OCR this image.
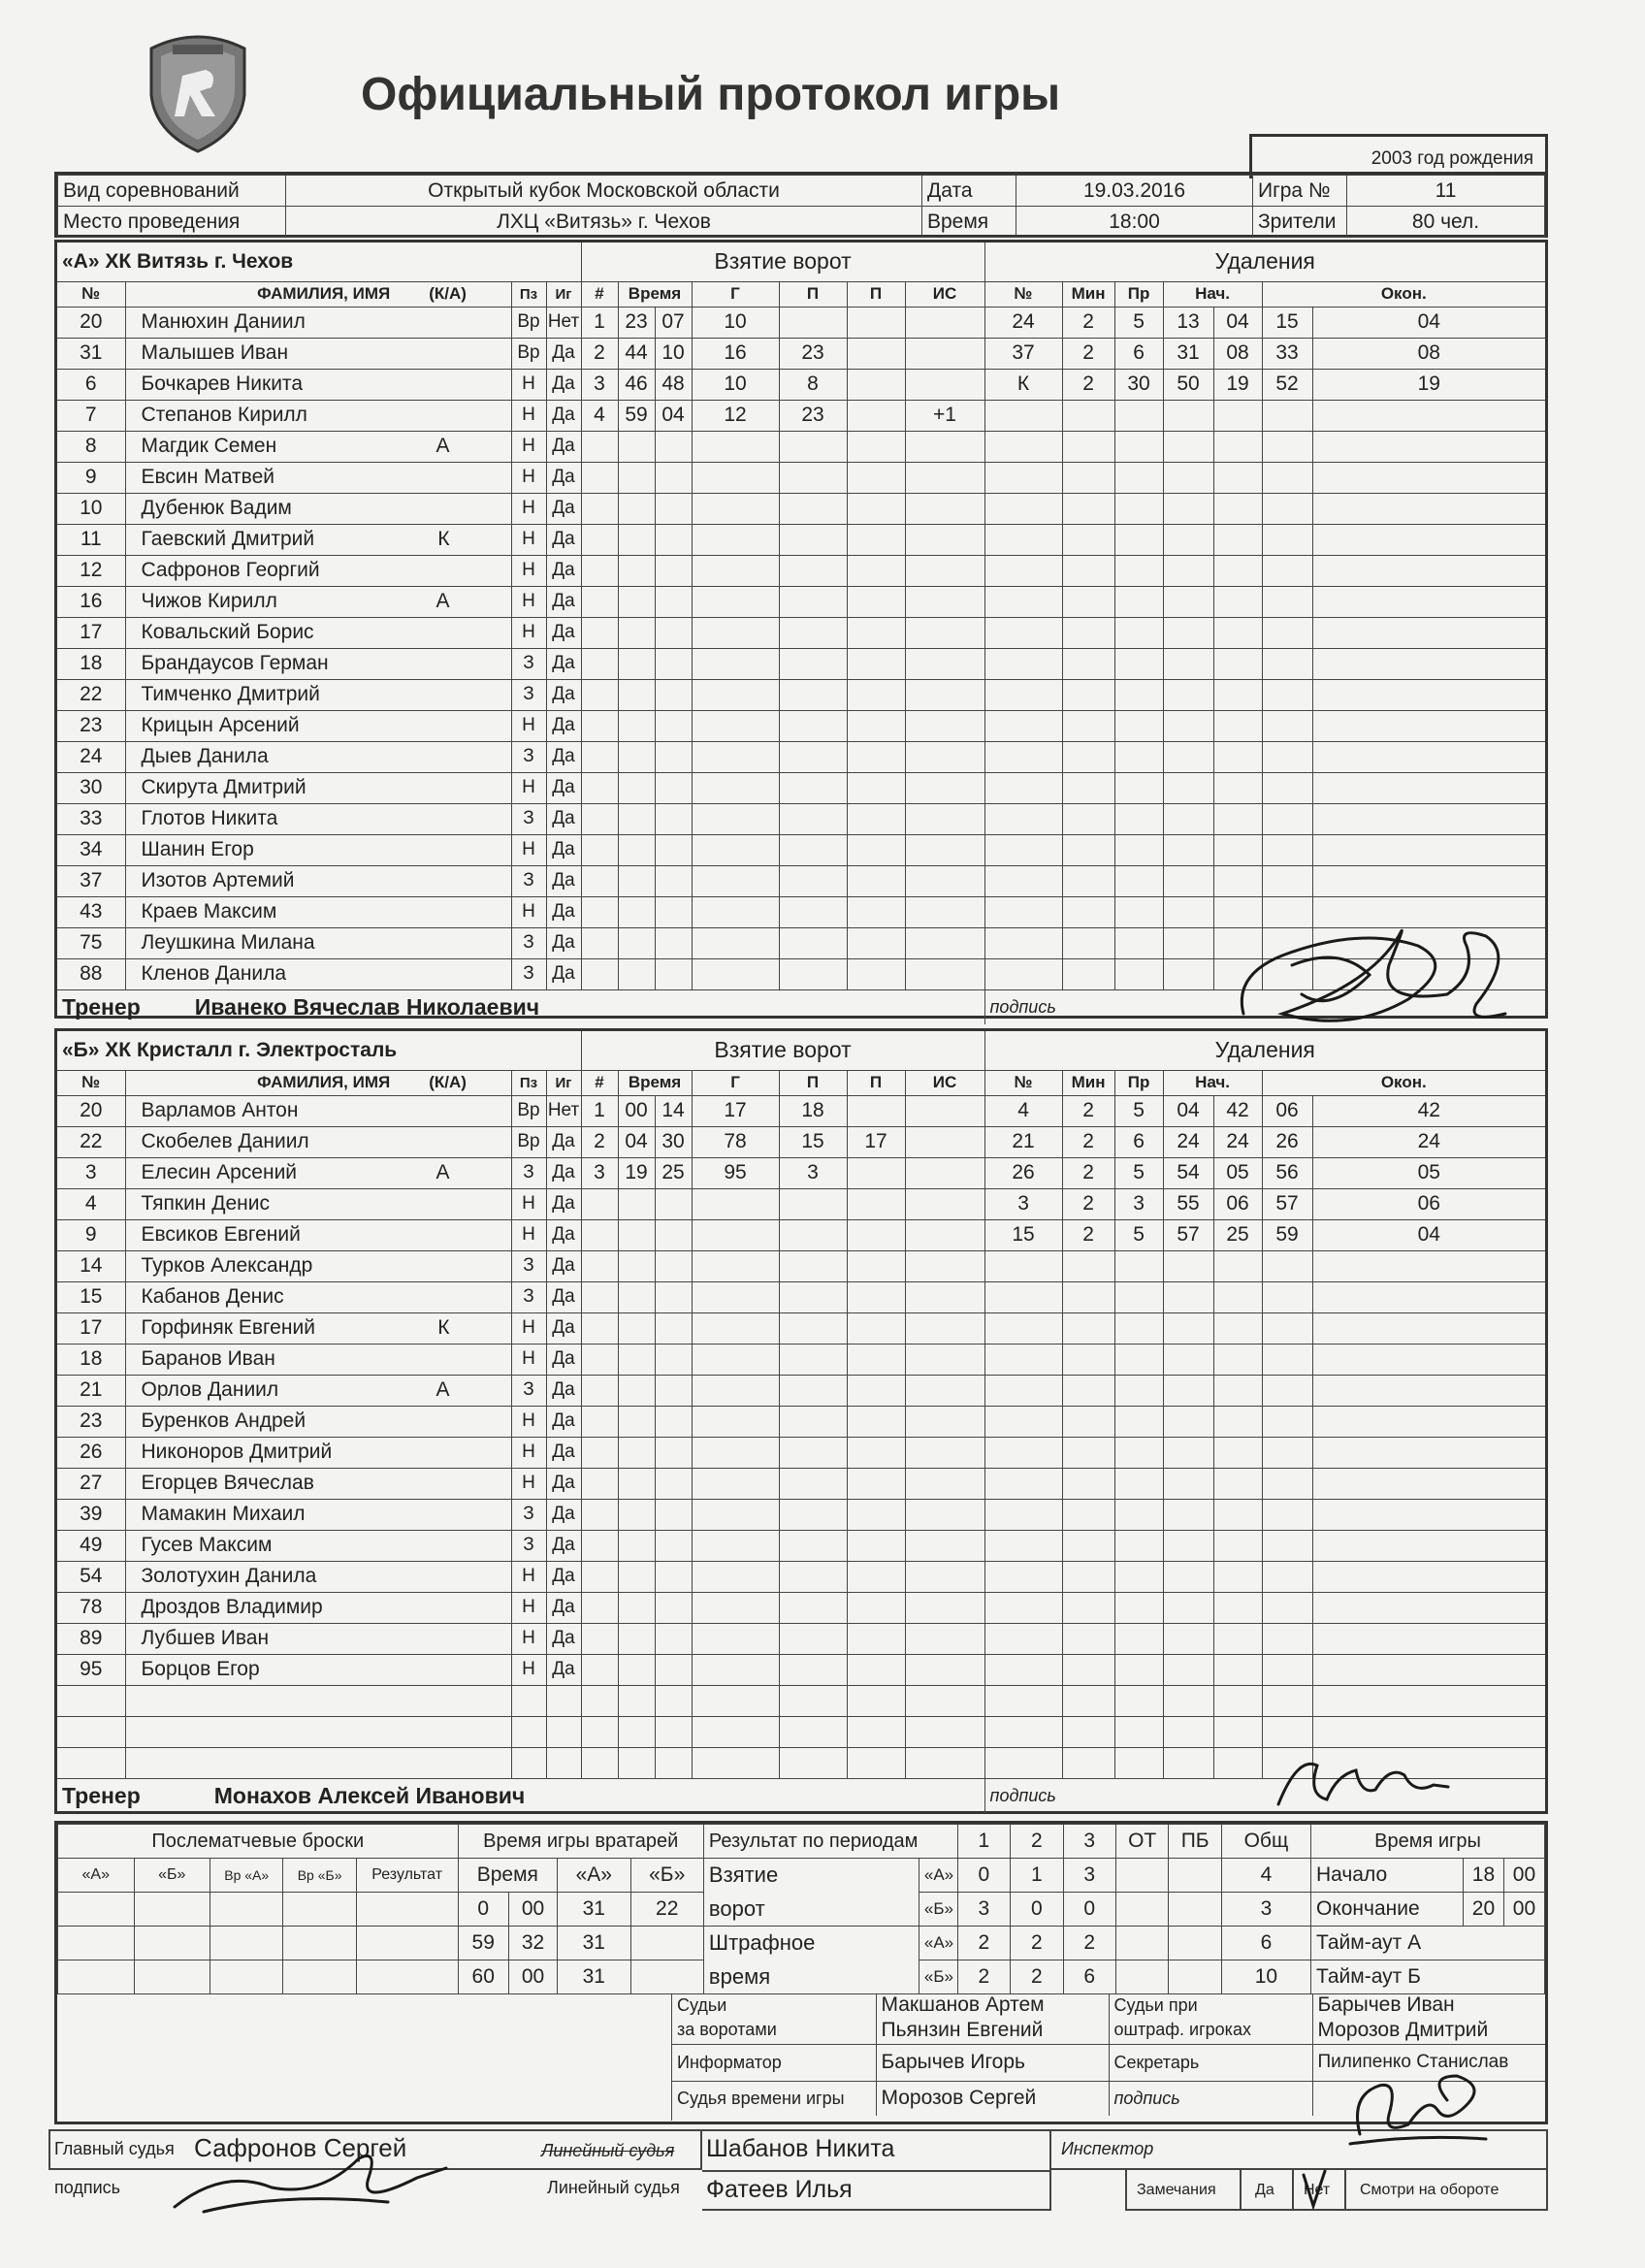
Официальный протокол игры
2003 год рождения
Вид соревнований	Открытый кубок Московской области	Дата	19.03.2016	Игра №	11
Место проведения	ЛХЦ «Витязь» г. Чехов	Время	18:00	Зрители	80 чел.
«А» ХК Витязь г. Чехов				Взятие ворот							Удаления						
№	ФАМИЛИЯ, ИМЯ (К/А)	Пз	Иг	#	Время		Г	П	П	ИС	№	Мин	Пр	Нач.		Окон.	
20	Манюхин Даниил	Вр	Нет	1	23	07	10				24	2	5	13	04	15	04
31	Малышев Иван	Вр	Да	2	44	10	16	23			37	2	6	31	08	33	08
6	Бочкарев Никита	Н	Да	3	46	48	10	8			К	2	30	50	19	52	19
7	Степанов Кирилл	Н	Да	4	59	04	12	23		+1							
8	Магдик Семен А	Н	Да														
9	Евсин Матвей	Н	Да														
10	Дубенюк Вадим	Н	Да														
11	Гаевский Дмитрий К	Н	Да														
12	Сафронов Георгий	Н	Да														
16	Чижов Кирилл А	Н	Да														
17	Ковальский Борис	Н	Да														
18	Брандаусов Герман	З	Да														
22	Тимченко Дмитрий	З	Да														
23	Крицын Арсений	Н	Да														
24	Дыев Данила	З	Да														
30	Скирута Дмитрий	Н	Да														
33	Глотов Никита	З	Да														
34	Шанин Егор	Н	Да														
37	Изотов Артемий	З	Да														
43	Краев Максим	Н	Да														
75	Леушкина Милана	З	Да														
88	Кленов Данила	З	Да														
Тренер Иванеко Вячеслав Николаевич											подпись						
«Б» ХК Кристалл г. Электросталь				Взятие ворот							Удаления						
№	ФАМИЛИЯ, ИМЯ (К/А)	Пз	Иг	#	Время		Г	П	П	ИС	№	Мин	Пр	Нач.		Окон.	
20	Варламов Антон	Вр	Нет	1	00	14	17	18			4	2	5	04	42	06	42
22	Скобелев Даниил	Вр	Да	2	04	30	78	15	17		21	2	6	24	24	26	24
3	Елесин Арсений А	З	Да	3	19	25	95	3			26	2	5	54	05	56	05
4	Тяпкин Денис	Н	Да								3	2	3	55	06	57	06
9	Евсиков Евгений	Н	Да								15	2	5	57	25	59	04
14	Турков Александр	З	Да														
15	Кабанов Денис	З	Да														
17	Горфиняк Евгений К	Н	Да														
18	Баранов Иван	Н	Да														
21	Орлов Даниил А	З	Да														
23	Буренков Андрей	Н	Да														
26	Никоноров Дмитрий	Н	Да														
27	Егорцев Вячеслав	Н	Да														
39	Мамакин Михаил	З	Да														
49	Гусев Максим	З	Да														
54	Золотухин Данила	Н	Да														
78	Дроздов Владимир	Н	Да														
89	Лубшев Иван	Н	Да														
95	Борцов Егор	Н	Да														

Тренер Монахов Алексей Иванович											подпись						
Послематчевые броски					Время игры вратарей				Результат по периодам		1	2	3	ОТ	ПБ	Общ	Время игры		
«А»	«Б»	Вр «А»	Вр «Б»	Результат	Время		«А»	«Б»	Взятие	«А»	0	1	3			4	Начало	18	00
					0	00	31	22	ворот	«Б»	3	0	0			3	Окончание	20	00
					59	32	31		Штрафное	«А»	2	2	2			6	Тайм-аут А		
					60	00	31		время	«Б»	2	2	6			10	Тайм-аут Б		
Судьи	Макшанов Артем	Судьи при	Барычев Иван
за воротами	Пьянзин Евгений	оштраф. игроках	Морозов Дмитрий
Информатор	Барычев Игорь	Секретарь	Пилипенко Станислав
Судья времени игры	Морозов Сергей	подпись	
Главный судья Сафронов Сергей
подпись
Линейный судья
Линейный судья
Шабанов Никита
Фатеев Илья
Инспектор
Замечания	Да Нет Смотри на обороте
